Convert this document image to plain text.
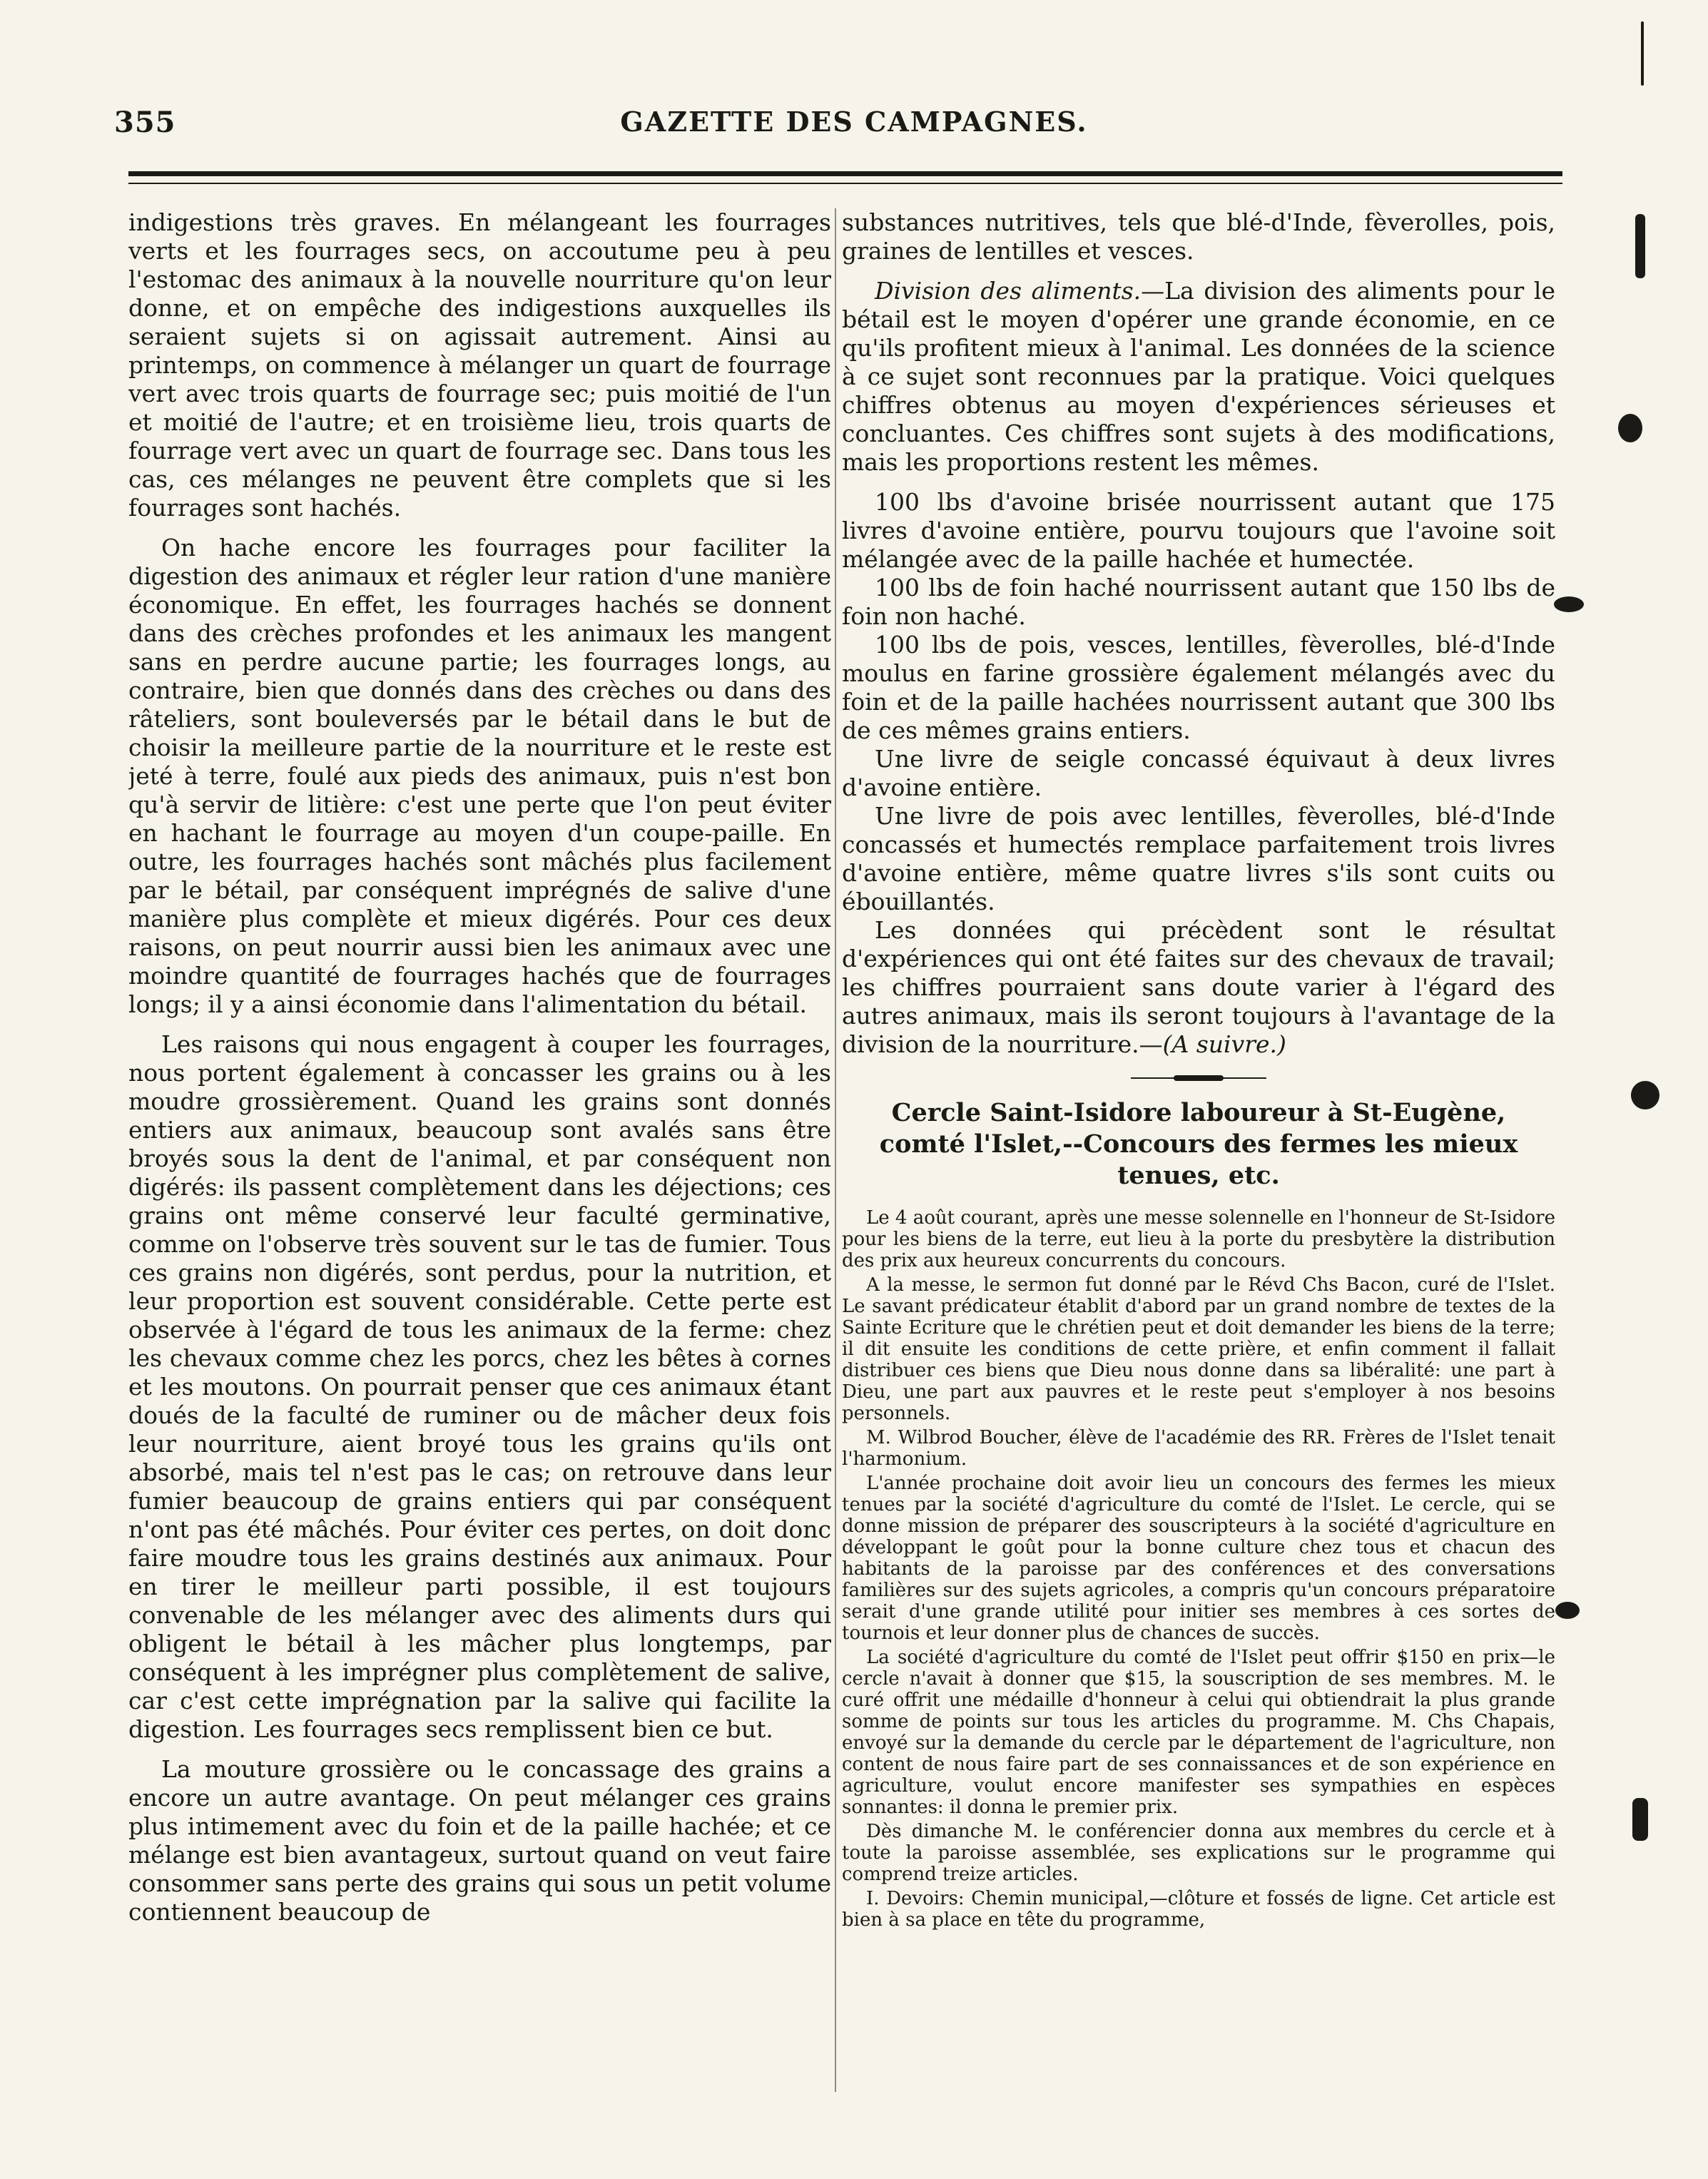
355	GAZETTE DES CAMPAGNES.

indigestions très graves. En mélangeant les fourrages verts et les fourrages secs, on accoutume peu à peu l'estomac des animaux à la nouvelle nourriture qu'on leur donne, et on empêche des indigestions auxquelles ils seraient sujets si on agissait autrement. Ainsi au printemps, on commence à mélanger un quart de fourrage vert avec trois quarts de fourrage sec; puis moitié de l'un et moitié de l'autre; et en troisième lieu, trois quarts de fourrage vert avec un quart de fourrage sec. Dans tous les cas, ces mélanges ne peuvent être complets que si les fourrages sont hachés.

On hache encore les fourrages pour faciliter la digestion des animaux et régler leur ration d'une manière économique. En effet, les fourrages hachés se donnent dans des crèches profondes et les animaux les mangent sans en perdre aucune partie; les fourrages longs, au contraire, bien que donnés dans des crèches ou dans des râteliers, sont bouleversés par le bétail dans le but de choisir la meilleure partie de la nourriture et le reste est jeté à terre, foulé aux pieds des animaux, puis n'est bon qu'à servir de litière: c'est une perte que l'on peut éviter en hachant le fourrage au moyen d'un coupe-paille. En outre, les fourrages hachés sont mâchés plus facilement par le bétail, par conséquent imprégnés de salive d'une manière plus complète et mieux digérés. Pour ces deux raisons, on peut nourrir aussi bien les animaux avec une moindre quantité de fourrages hachés que de fourrages longs; il y a ainsi économie dans l'alimentation du bétail.

Les raisons qui nous engagent à couper les fourrages, nous portent également à concasser les grains ou à les moudre grossièrement. Quand les grains sont donnés entiers aux animaux, beaucoup sont avalés sans être broyés sous la dent de l'animal, et par conséquent non digérés: ils passent complètement dans les déjections; ces grains ont même conservé leur faculté germinative, comme on l'observe très souvent sur le tas de fumier. Tous ces grains non digérés, sont perdus, pour la nutrition, et leur proportion est souvent considérable. Cette perte est observée à l'égard de tous les animaux de la ferme: chez les chevaux comme chez les porcs, chez les bêtes à cornes et les moutons. On pourrait penser que ces animaux étant doués de la faculté de ruminer ou de mâcher deux fois leur nourriture, aient broyé tous les grains qu'ils ont absorbé, mais tel n'est pas le cas; on retrouve dans leur fumier beaucoup de grains entiers qui par conséquent n'ont pas été mâchés. Pour éviter ces pertes, on doit donc faire moudre tous les grains destinés aux animaux. Pour en tirer le meilleur parti possible, il est toujours convenable de les mélanger avec des aliments durs qui obligent le bétail à les mâcher plus longtemps, par conséquent à les imprégner plus complètement de salive, car c'est cette imprégnation par la salive qui facilite la digestion. Les fourrages secs remplissent bien ce but.

La mouture grossière ou le concassage des grains a encore un autre avantage. On peut mélanger ces grains plus intimement avec du foin et de la paille hachée; et ce mélange est bien avantageux, surtout quand on veut faire consommer sans perte des grains qui sous un petit volume contiennent beaucoup de

substances nutritives, tels que blé-d'Inde, fèverolles, pois, graines de lentilles et vesces.

Division des aliments.—La division des aliments pour le bétail est le moyen d'opérer une grande économie, en ce qu'ils profitent mieux à l'animal. Les données de la science à ce sujet sont reconnues par la pratique. Voici quelques chiffres obtenus au moyen d'expériences sérieuses et concluantes. Ces chiffres sont sujets à des modifications, mais les proportions restent les mêmes.

100 lbs d'avoine brisée nourrissent autant que 175 livres d'avoine entière, pourvu toujours que l'avoine soit mélangée avec de la paille hachée et humectée.

100 lbs de foin haché nourrissent autant que 150 lbs de foin non haché.

100 lbs de pois, vesces, lentilles, fèverolles, blé-d'Inde moulus en farine grossière également mélangés avec du foin et de la paille hachées nourrissent autant que 300 lbs de ces mêmes grains entiers.

Une livre de seigle concassé équivaut à deux livres d'avoine entière.

Une livre de pois avec lentilles, fèverolles, blé-d'Inde concassés et humectés remplace parfaitement trois livres d'avoine entière, même quatre livres s'ils sont cuits ou ébouillantés.

Les données qui précèdent sont le résultat d'expériences qui ont été faites sur des chevaux de travail; les chiffres pourraient sans doute varier à l'égard des autres animaux, mais ils seront toujours à l'avantage de la division de la nourriture.—(A suivre.)

Cercle Saint-Isidore laboureur à St-Eugène, comté l'Islet,--Concours des fermes les mieux tenues, etc.

Le 4 août courant, après une messe solennelle en l'honneur de St-Isidore pour les biens de la terre, eut lieu à la porte du presbytère la distribution des prix aux heureux concurrents du concours.

A la messe, le sermon fut donné par le Révd Chs Bacon, curé de l'Islet. Le savant prédicateur établit d'abord par un grand nombre de textes de la Sainte Ecriture que le chrétien peut et doit demander les biens de la terre; il dit ensuite les conditions de cette prière, et enfin comment il fallait distribuer ces biens que Dieu nous donne dans sa libéralité: une part à Dieu, une part aux pauvres et le reste peut s'employer à nos besoins personnels.

M. Wilbrod Boucher, élève de l'académie des RR. Frères de l'Islet tenait l'harmonium.

L'année prochaine doit avoir lieu un concours des fermes les mieux tenues par la société d'agriculture du comté de l'Islet. Le cercle, qui se donne mission de préparer des souscripteurs à la société d'agriculture en développant le goût pour la bonne culture chez tous et chacun des habitants de la paroisse par des conférences et des conversations familières sur des sujets agricoles, a compris qu'un concours préparatoire serait d'une grande utilité pour initier ses membres à ces sortes de tournois et leur donner plus de chances de succès.

La société d'agriculture du comté de l'Islet peut offrir $150 en prix—le cercle n'avait à donner que $15, la souscription de ses membres. M. le curé offrit une médaille d'honneur à celui qui obtiendrait la plus grande somme de points sur tous les articles du programme. M. Chs Chapais, envoyé sur la demande du cercle par le département de l'agriculture, non content de nous faire part de ses connaissances et de son expérience en agriculture, voulut encore manifester ses sympathies en espèces sonnantes: il donna le premier prix.

Dès dimanche M. le conférencier donna aux membres du cercle et à toute la paroisse assemblée, ses explications sur le programme qui comprend treize articles.

I. Devoirs: Chemin municipal,—clôture et fossés de ligne. Cet article est bien à sa place en tête du programme,
